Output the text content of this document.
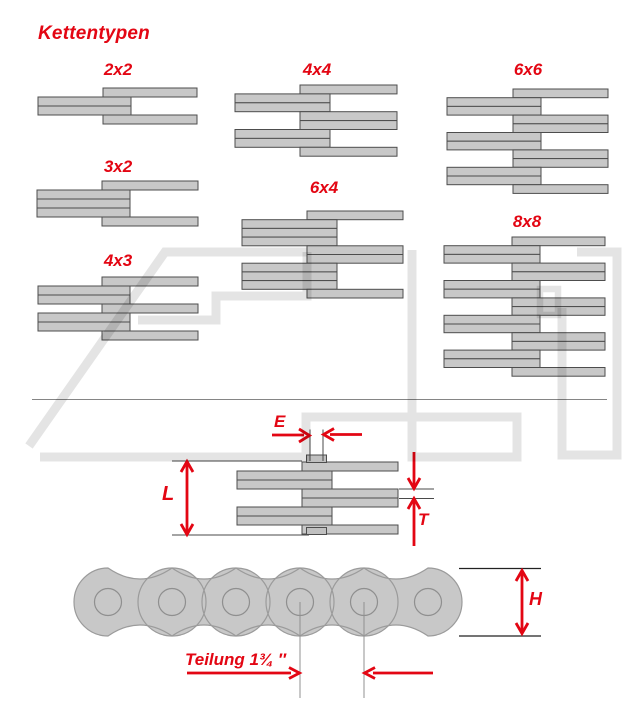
Kettentypen
2x2
3x2
4x3
4x4
6x4
6x6
8x8
E
L
T
H
Teilung 1¾ ″
